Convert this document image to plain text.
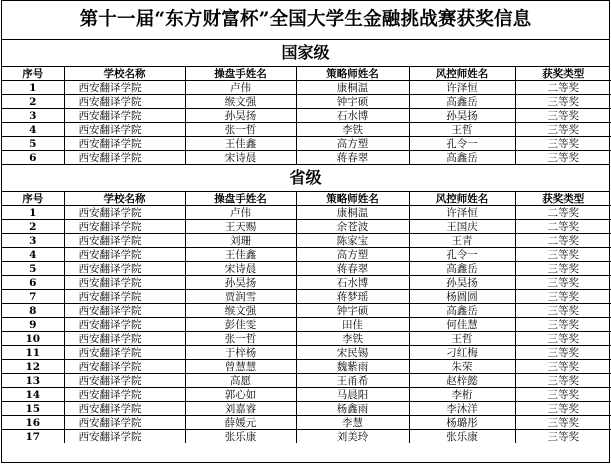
第十一届“东方财富杯”全国大学生金融挑战赛获奖信息
国家级
序号	学校名称	操盘手姓名	策略师姓名	风控师姓名	获奖类型
1	西安翻译学院	卢伟	康桐温	许泽恒	二等奖
2	西安翻译学院	缑文强	钟宇硕	高鑫岳	三等奖
3	西安翻译学院	孙昊扬	石水博	孙昊扬	三等奖
4	西安翻译学院	张一哲	李铁	王哲	三等奖
5	西安翻译学院	王佳鑫	高方塑	孔令一	三等奖
6	西安翻译学院	宋诗晨	蒋春翠	高鑫岳	三等奖
省级
序号	学校名称	操盘手姓名	策略师姓名	风控师姓名	获奖类型
1	西安翻译学院	卢伟	康桐温	许泽恒	二等奖
2	西安翻译学院	王天赐	余苍波	王国庆	二等奖
3	西安翻译学院	刘珊	陈家宝	王青	二等奖
4	西安翻译学院	王佳鑫	高方塑	孔令一	三等奖
5	西安翻译学院	宋诗晨	蒋春翠	高鑫岳	三等奖
6	西安翻译学院	孙昊扬	石水博	孙昊扬	三等奖
7	西安翻译学院	贾润雪	蒋梦瑶	杨圆圆	三等奖
8	西安翻译学院	缑文强	钟宇硕	高鑫岳	三等奖
9	西安翻译学院	彭佳雯	田佳	何佳慧	三等奖
10	西安翻译学院	张一哲	李铁	王哲	三等奖
11	西安翻译学院	于梓杨	宋民锡	刁红梅	三等奖
12	西安翻译学院	曾慧慧	魏紫雨	朱荣	三等奖
13	西安翻译学院	高愿	王甬希	赵梓懿	三等奖
14	西安翻译学院	郭心如	马晨阳	李桁	三等奖
15	西安翻译学院	刘嘉睿	杨鑫雨	李沐洋	三等奖
16	西安翻译学院	薛媛元	李慧	杨璐彤	三等奖
17	西安翻译学院	张乐康	刘美玲	张乐康	三等奖
